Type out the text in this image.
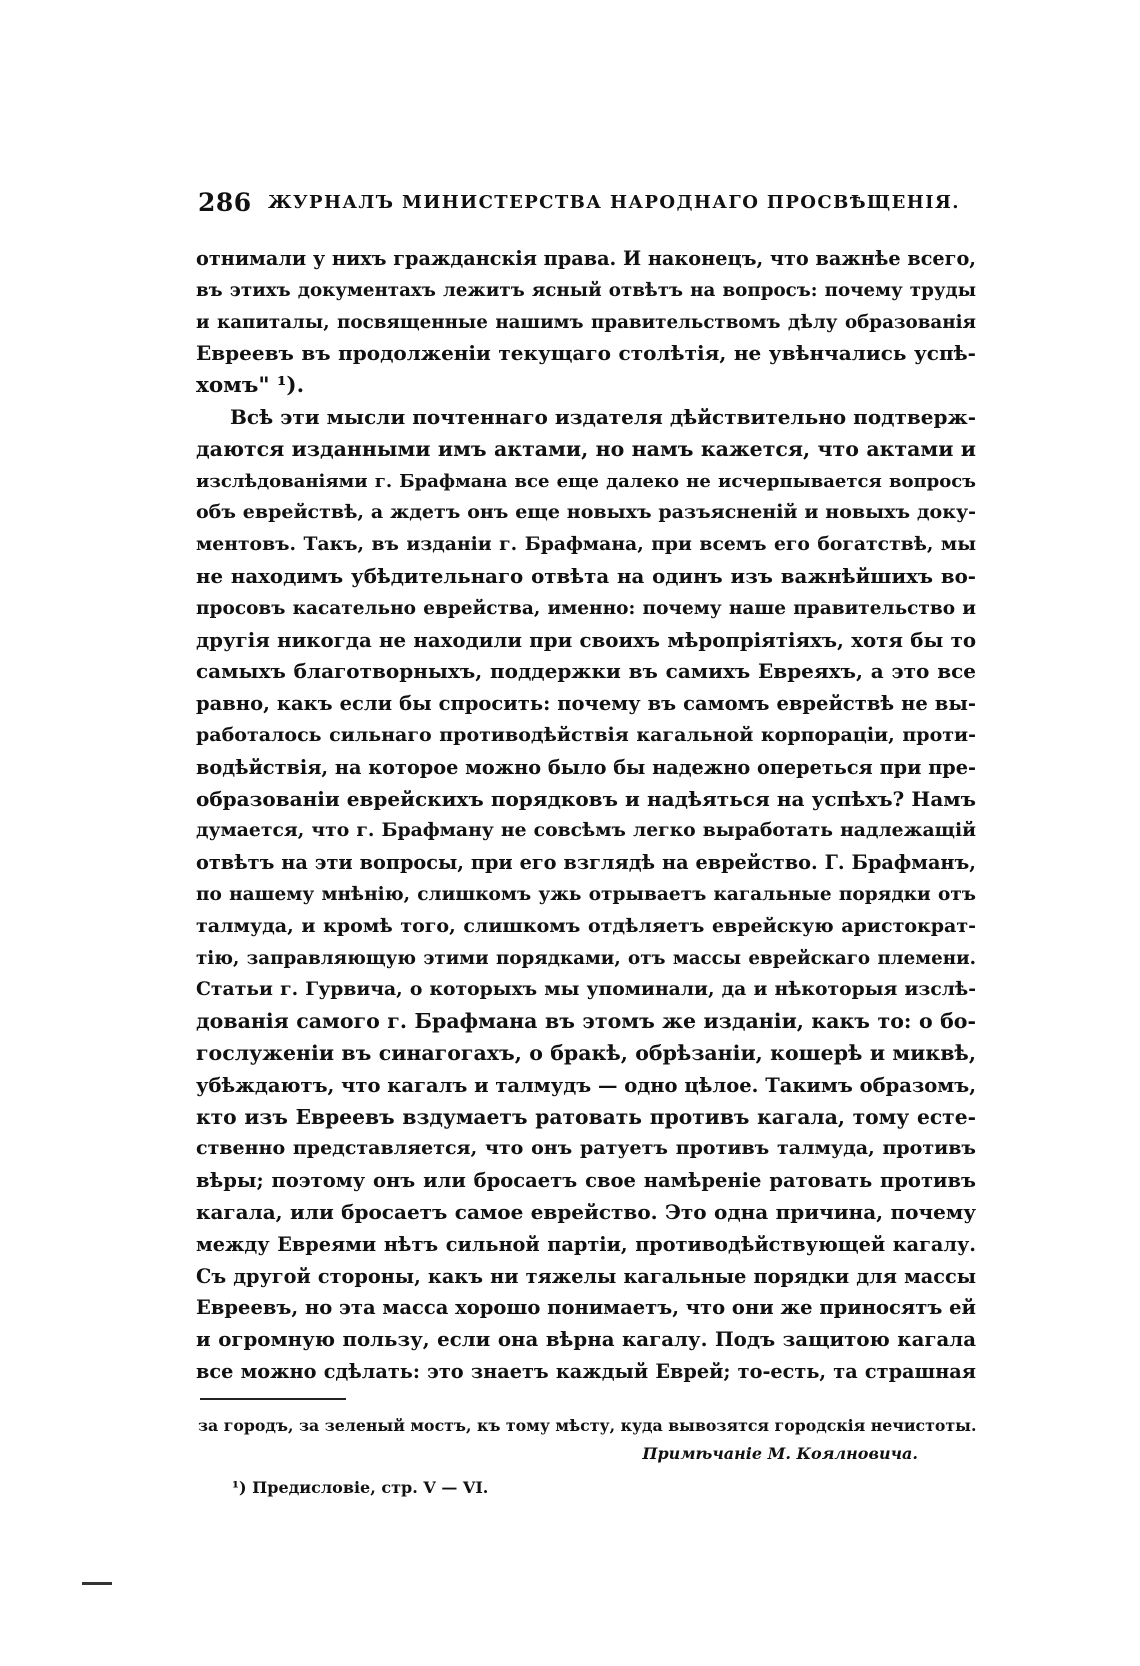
286 ЖУРНАЛЪ МИНИСТЕРСТВА НАРОДНАГО ПРОСВѢЩЕНІЯ.
отнимали у нихъ гражданскія права. И наконецъ, что важнѣе всего,
въ этихъ документахъ лежитъ ясный отвѣтъ на вопросъ: почему труды
и капиталы, посвященные нашимъ правительствомъ дѣлу образованія
Евреевъ въ продолженіи текущаго столѣтія, не увѣнчались успѣ-
хомъ" ¹).
Всѣ эти мысли почтеннаго издателя дѣйствительно подтверж-
даются изданными имъ актами, но намъ кажется, что актами и
изслѣдованіями г. Брафмана все еще далеко не исчерпывается вопросъ
объ еврействѣ, а ждетъ онъ еще новыхъ разъясненій и новыхъ доку-
ментовъ. Такъ, въ изданіи г. Брафмана, при всемъ его богатствѣ, мы
не находимъ убѣдительнаго отвѣта на одинъ изъ важнѣйшихъ во-
просовъ касательно еврейства, именно: почему наше правительство и
другія никогда не находили при своихъ мѣропріятіяхъ, хотя бы то
самыхъ благотворныхъ, поддержки въ самихъ Евреяхъ, а это все
равно, какъ если бы спросить: почему въ самомъ еврействѣ не вы-
работалось сильнаго противодѣйствія кагальной корпораціи, проти-
водѣйствія, на которое можно было бы надежно опереться при пре-
образованіи еврейскихъ порядковъ и надѣяться на успѣхъ? Намъ
думается, что г. Брафману не совсѣмъ легко выработать надлежащій
отвѣтъ на эти вопросы, при его взглядѣ на еврейство. Г. Брафманъ,
по нашему мнѣнію, слишкомъ ужь отрываетъ кагальные порядки отъ
талмуда, и кромѣ того, слишкомъ отдѣляетъ еврейскую аристократ-
тію, заправляющую этими порядками, отъ массы еврейскаго племени.
Статьи г. Гурвича, о которыхъ мы упоминали, да и нѣкоторыя изслѣ-
дованія самого г. Брафмана въ этомъ же изданіи, какъ то: о бо-
гослуженіи въ синагогахъ, о бракѣ, обрѣзаніи, кошерѣ и миквѣ,
убѣждаютъ, что кагалъ и талмудъ — одно цѣлое. Такимъ образомъ,
кто изъ Евреевъ вздумаетъ ратовать противъ кагала, тому есте-
ственно представляется, что онъ ратуетъ противъ талмуда, противъ
вѣры; поэтому онъ или бросаетъ свое намѣреніе ратовать противъ
кагала, или бросаетъ самое еврейство. Это одна причина, почему
между Евреями нѣтъ сильной партіи, противодѣйствующей кагалу.
Съ другой стороны, какъ ни тяжелы кагальные порядки для массы
Евреевъ, но эта масса хорошо понимаетъ, что они же приносятъ ей
и огромную пользу, если она вѣрна кагалу. Подъ защитою кагала
все можно сдѣлать: это знаетъ каждый Еврей; то-есть, та страшная
за городъ, за зеленый мостъ, къ тому мѣсту, куда вывозятся городскія нечистоты.
Примѣчаніе М. Коялновича.
¹) Предисловіе, стр. V — VI.
